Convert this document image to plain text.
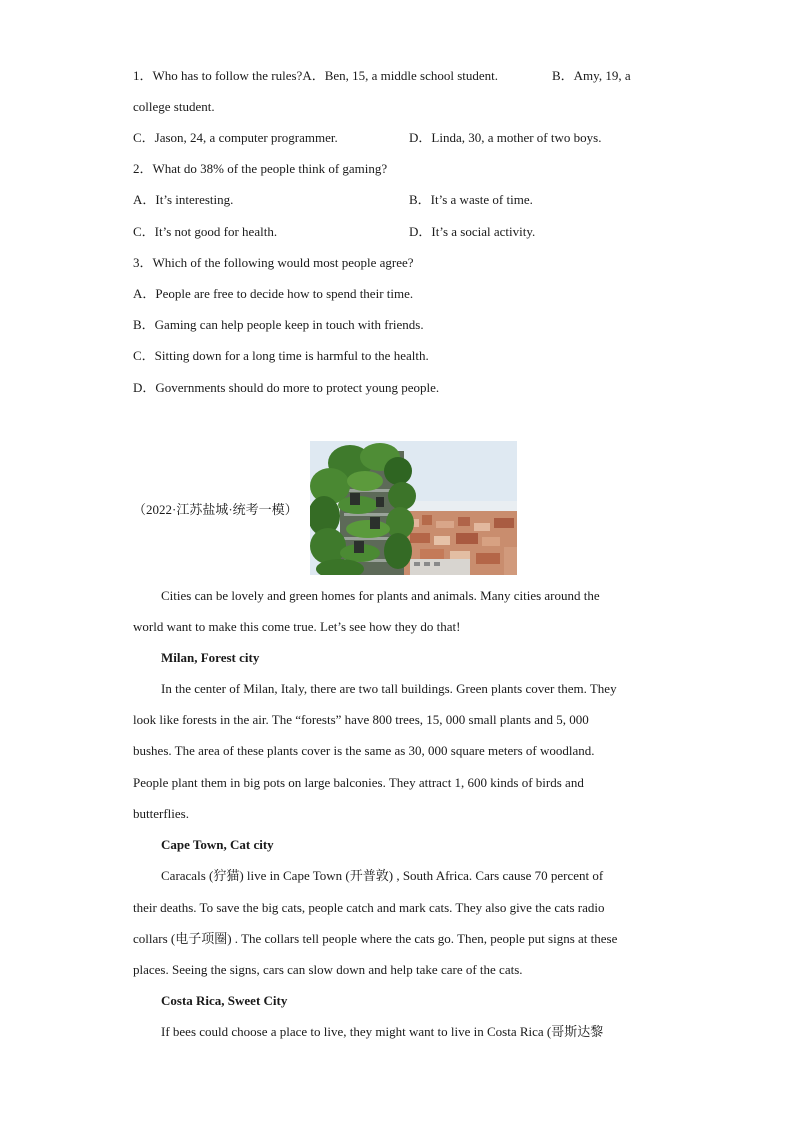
1．Who has to follow the rules?A．Ben, 15, a middle school student.	B．Amy, 19, a
college student.
C．Jason, 24, a computer programmer.	D．Linda, 30, a mother of two boys.
2．What do 38% of the people think of gaming?
A．It’s interesting.	B．It’s a waste of time.
C．It’s not good for health.	D．It’s a social activity.
3．Which of the following would most people agree?
A．People are free to decide how to spend their time.
B．Gaming can help people keep in touch with friends.
C．Sitting down for a long time is harmful to the health.
D．Governments should do more to protect young people.
（2022·江苏盐城·统考一模）
Cities can be lovely and green homes for plants and animals. Many cities around the
world want to make this come true. Let’s see how they do that!
Milan, Forest city
In the center of Milan, Italy, there are two tall buildings. Green plants cover them. They
look like forests in the air. The “forests” have 800 trees, 15, 000 small plants and 5, 000
bushes. The area of these plants cover is the same as 30, 000 square meters of woodland.
People plant them in big pots on large balconies. They attract 1, 600 kinds of birds and
butterflies.
Cape Town, Cat city
Caracals (狞猫) live in Cape Town (开普敦) , South Africa. Cars cause 70 percent of
their deaths. To save the big cats, people catch and mark cats. They also give the cats radio
collars (电子项圈) . The collars tell people where the cats go. Then, people put signs at these
places. Seeing the signs, cars can slow down and help take care of the cats.
Costa Rica, Sweet City
If bees could choose a place to live, they might want to live in Costa Rica (哥斯达黎
